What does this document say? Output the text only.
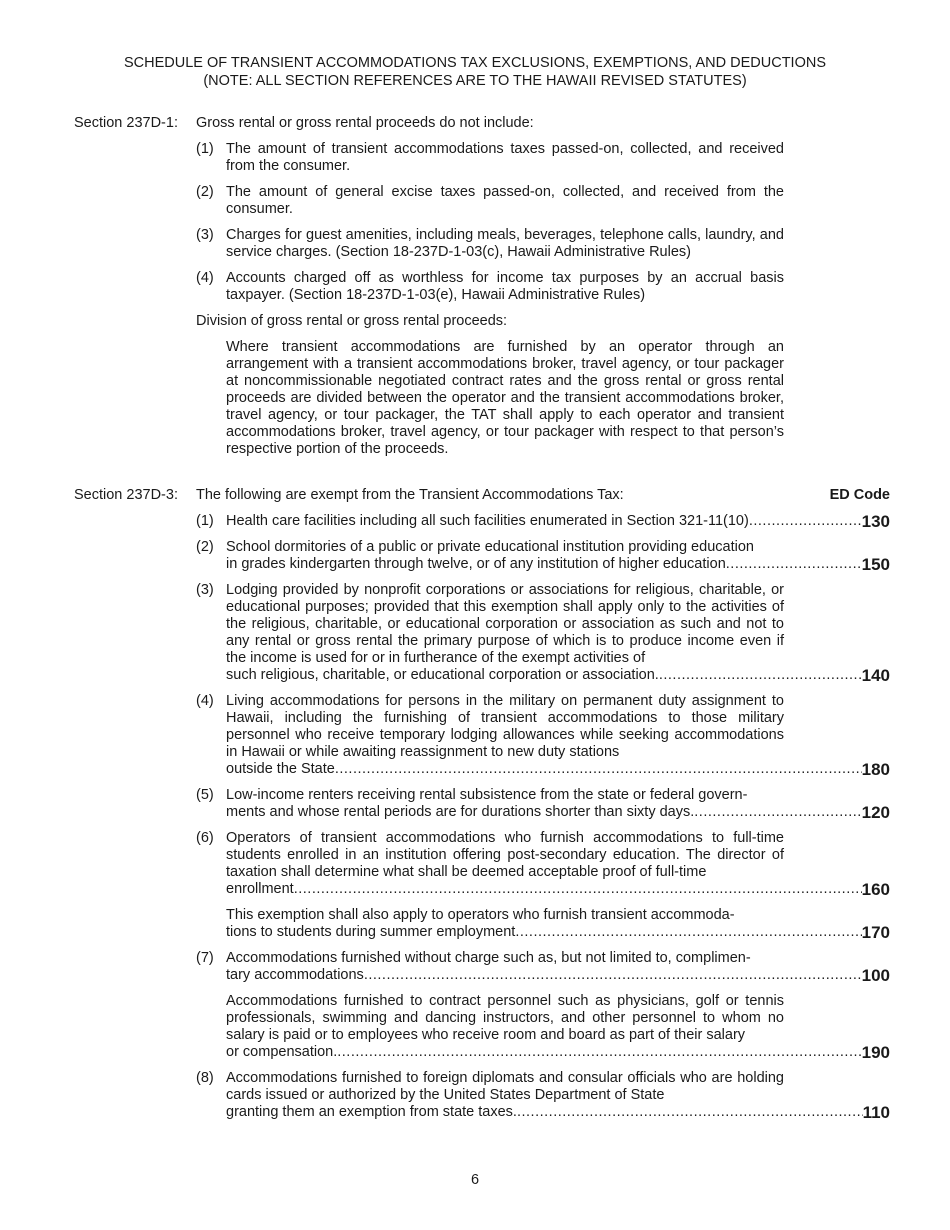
SCHEDULE OF TRANSIENT ACCOMMODATIONS TAX EXCLUSIONS, EXEMPTIONS, AND DEDUCTIONS
(NOTE: ALL SECTION REFERENCES ARE TO THE HAWAII REVISED STATUTES)
Section 237D-1:	Gross rental or gross rental proceeds do not include:
(1) The amount of transient accommodations taxes passed-on, collected, and received from the consumer.
(2) The amount of general excise taxes passed-on, collected, and received from the consumer.
(3) Charges for guest amenities, including meals, beverages, telephone calls, laundry, and service charges. (Section 18-237D-1-03(c), Hawaii Administrative Rules)
(4) Accounts charged off as worthless for income tax purposes by an accrual basis taxpayer. (Section 18-237D-1-03(e), Hawaii Administrative Rules)
Division of gross rental or gross rental proceeds:
Where transient accommodations are furnished by an operator through an arrangement with a transient accommodations broker, travel agency, or tour packager at noncommissionable negotiated contract rates and the gross rental or gross rental proceeds are divided between the operator and the transient accommodations broker, travel agency, or tour packager, the TAT shall apply to each operator and transient accommodations broker, travel agency, or tour packager with respect to that person’s respective portion of the proceeds.
Section 237D-3:	The following are exempt from the Transient Accommodations Tax:	ED Code
(1) Health care facilities including all such facilities enumerated in Section 321-11(10) .....	130
(2) School dormitories of a public or private educational institution providing education
in grades kindergarten through twelve, or of any institution of higher education .....	150
(3) Lodging provided by nonprofit corporations or associations for religious, charitable, or educational purposes; provided that this exemption shall apply only to the activities of the religious, charitable, or educational corporation or association as such and not to any rental or gross rental the primary purpose of which is to produce income even if the income is used for or in furtherance of the exempt activities of
such religious, charitable, or educational corporation or association. .....	140
(4) Living accommodations for persons in the military on permanent duty assignment to Hawaii, including the furnishing of transient accommodations to those military personnel who receive temporary lodging allowances while seeking accommodations in Hawaii or while awaiting reassignment to new duty stations
outside the State .....	180
(5) Low-income renters receiving rental subsistence from the state or federal govern-
ments and whose rental periods are for durations shorter than sixty days. .....	120
(6) Operators of transient accommodations who furnish accommodations to full-time students enrolled in an institution offering post-secondary education. The director of taxation shall determine what shall be deemed acceptable proof of full-time
enrollment .....	160
This exemption shall also apply to operators who furnish transient accommoda-
tions to students during summer employment .....	170
(7) Accommodations furnished without charge such as, but not limited to, complimen-
tary accommodations .....	100
Accommodations furnished to contract personnel such as physicians, golf or tennis professionals, swimming and dancing instructors, and other personnel to whom no salary is paid or to employees who receive room and board as part of their salary
or compensation. .....	190
(8) Accommodations furnished to foreign diplomats and consular officials who are holding cards issued or authorized by the United States Department of State
granting them an exemption from state taxes. .....	110
6
